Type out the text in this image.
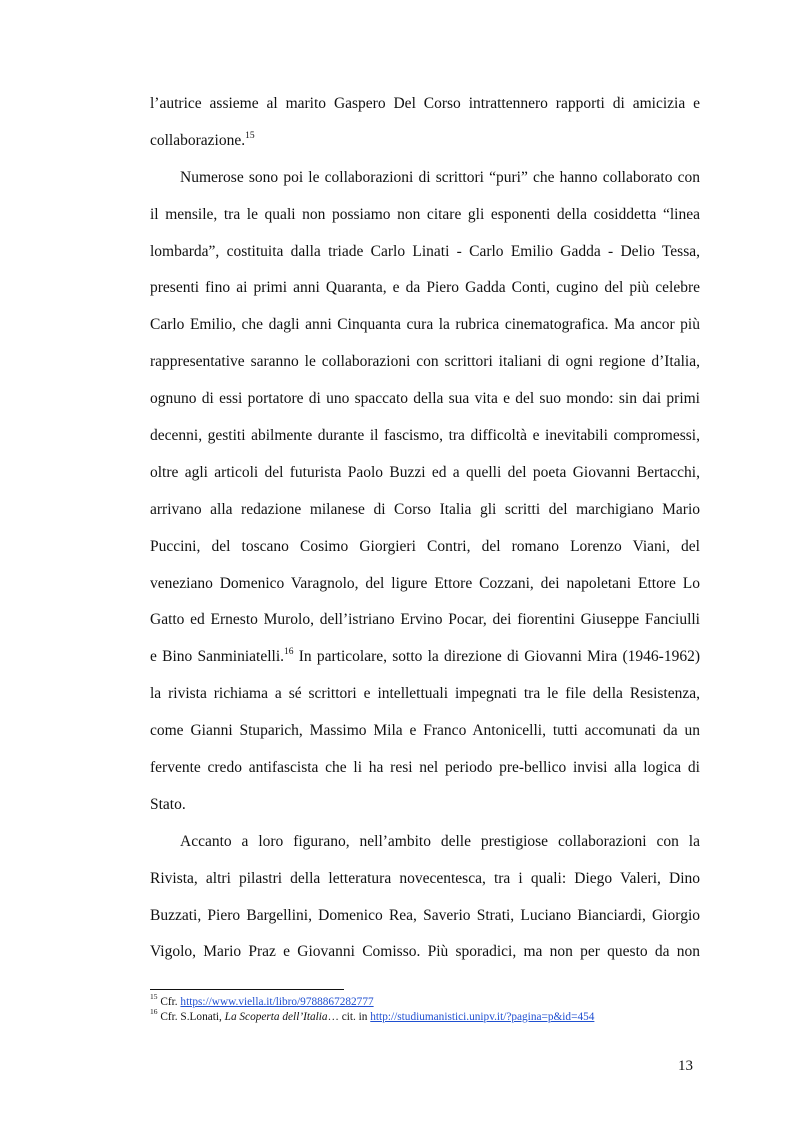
l’autrice assieme al marito Gaspero Del Corso intrattennero rapporti di amicizia e
collaborazione.$^{15}$
Numerose sono poi le collaborazioni di scrittori “puri” che hanno collaborato con
il mensile, tra le quali non possiamo non citare gli esponenti della cosiddetta “linea
lombarda”, costituita dalla triade Carlo Linati - Carlo Emilio Gadda - Delio Tessa,
presenti fino ai primi anni Quaranta, e da Piero Gadda Conti, cugino del più celebre
Carlo Emilio, che dagli anni Cinquanta cura la rubrica cinematografica. Ma ancor più
rappresentative saranno le collaborazioni con scrittori italiani di ogni regione d’Italia,
ognuno di essi portatore di uno spaccato della sua vita e del suo mondo: sin dai primi
decenni, gestiti abilmente durante il fascismo, tra difficoltà e inevitabili compromessi,
oltre agli articoli del futurista Paolo Buzzi ed a quelli del poeta Giovanni Bertacchi,
arrivano alla redazione milanese di Corso Italia gli scritti del marchigiano Mario
Puccini, del toscano Cosimo Giorgieri Contri, del romano Lorenzo Viani, del
veneziano Domenico Varagnolo, del ligure Ettore Cozzani, dei napoletani Ettore Lo
Gatto ed Ernesto Murolo, dell’istriano Ervino Pocar, dei fiorentini Giuseppe Fanciulli
e Bino Sanminiatelli.$^{16}$ In particolare, sotto la direzione di Giovanni Mira (1946-1962)
la rivista richiama a sé scrittori e intellettuali impegnati tra le file della Resistenza,
come Gianni Stuparich, Massimo Mila e Franco Antonicelli, tutti accomunati da un
fervente credo antifascista che li ha resi nel periodo pre-bellico invisi alla logica di
Stato.
Accanto a loro figurano, nell’ambito delle prestigiose collaborazioni con la
Rivista, altri pilastri della letteratura novecentesca, tra i quali: Diego Valeri, Dino
Buzzati, Piero Bargellini, Domenico Rea, Saverio Strati, Luciano Bianciardi, Giorgio
Vigolo, Mario Praz e Giovanni Comisso. Più sporadici, ma non per questo da non
$^{15}$ Cfr. https://www.viella.it/libro/9788867282777
$^{16}$ Cfr. S.Lonati, La Scoperta dell’Italia… cit. in http://studiumanistici.unipv.it/?pagina=p&id=454
13
